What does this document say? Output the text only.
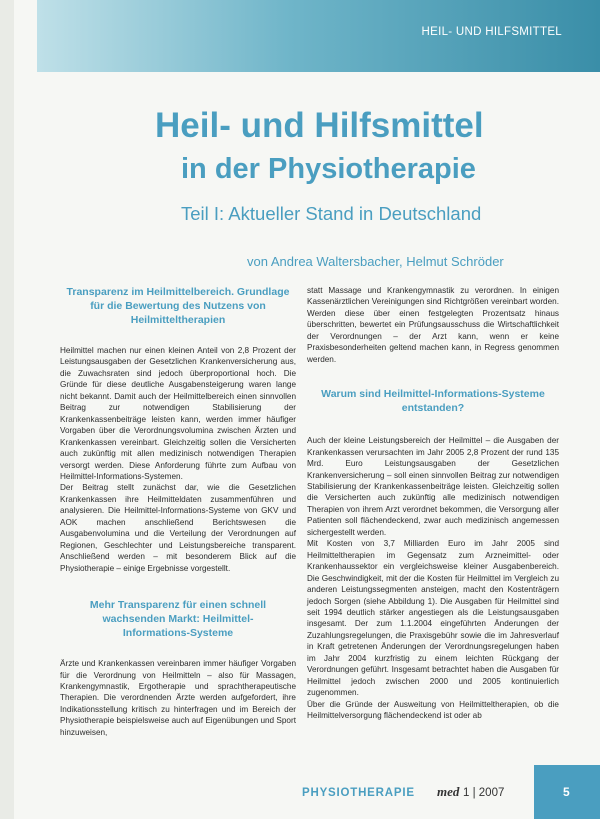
HEIL- UND HILFSMITTEL
Heil- und Hilfsmittel
in der Physiotherapie
Teil I: Aktueller Stand in Deutschland
von Andrea Waltersbacher, Helmut Schröder
Transparenz im Heilmittelbereich. Grundlage für die Bewertung des Nutzens von Heilmitteltherapien

Heilmittel machen nur einen kleinen Anteil von 2,8 Prozent der Leistungsausgaben der Gesetzlichen Krankenversicherung aus, die Zuwachsraten sind jedoch überproportional hoch. Die Gründe für diese deutliche Ausgabensteigerung waren lange nicht bekannt. Damit auch der Heilmittelbereich einen sinnvollen Beitrag zur notwendigen Stabilisierung der Krankenkassenbeiträge leisten kann, werden immer häufiger Vorgaben über die Verordnungsvolumina zwischen Ärzten und Krankenkassen vereinbart. Gleichzeitig sollen die Versicherten auch zukünftig mit allen medizinisch notwendigen Therapien versorgt werden. Diese Anforderung führte zum Aufbau von Heilmittel-Informations-Systemen.

Der Beitrag stellt zunächst dar, wie die Gesetzlichen Krankenkassen ihre Heilmitteldaten zusammenführen und analysieren. Die Heilmittel-Informations-Systeme von GKV und AOK machen anschließend Berichtswesen die Ausgabenvolumina und die Verteilung der Verordnungen auf Regionen, Geschlechter und Leistungsbereiche transparent. Anschließend werden – mit besonderem Blick auf die Physiotherapie – einige Ergebnisse vorgestellt.

Mehr Transparenz für einen schnell wachsenden Markt: Heilmittel-Informations-Systeme

Ärzte und Krankenkassen vereinbaren immer häufiger Vorgaben für die Verordnung von Heilmitteln – also für Massagen, Krankengymnastik, Ergotherapie und sprachtherapeutische Therapien. Die verordnenden Ärzte werden aufgefordert, ihre Indikationsstellung kritisch zu hinterfragen und im Bereich der Physiotherapie beispielsweise auch auf Eigenübungen und Sport hinzuweisen,

statt Massage und Krankengymnastik zu verordnen. In einigen Kassenärztlichen Vereinigungen sind Richtgrößen vereinbart worden. Werden diese über einen festgelegten Prozentsatz hinaus überschritten, bewertet ein Prüfungsausschuss die Wirtschaftlichkeit der Verordnungen – der Arzt kann, wenn er keine Praxisbesonderheiten geltend machen kann, in Regress genommen werden.

Warum sind Heilmittel-Informations-Systeme entstanden?

Auch der kleine Leistungsbereich der Heilmittel – die Ausgaben der Krankenkassen verursachten im Jahr 2005 2,8 Prozent der rund 135 Mrd. Euro Leistungsausgaben der Gesetzlichen Krankenversicherung – soll einen sinnvollen Beitrag zur notwendigen Stabilisierung der Krankenkassenbeiträge leisten. Gleichzeitig sollen die Versicherten auch zukünftig alle medizinisch notwendigen Therapien von ihrem Arzt verordnet bekommen, die Versorgung aller Patienten soll flächendeckend, zwar auch medizinisch angemessen sichergestellt werden.

Mit Kosten von 3,7 Milliarden Euro im Jahr 2005 sind Heilmitteltherapien im Gegensatz zum Arzneimittel- oder Krankenhaussektor ein vergleichsweise kleiner Ausgabenbereich. Die Geschwindigkeit, mit der die Kosten für Heilmittel im Vergleich zu anderen Leistungssegmenten ansteigen, macht den Kostenträgern jedoch Sorgen (siehe Abbildung 1). Die Ausgaben für Heilmittel sind seit 1994 deutlich stärker angestiegen als die Leistungsausgaben insgesamt. Der zum 1.1.2004 eingeführten Änderungen der Zuzahlungsregelungen, die Praxisgebühr sowie die im Jahresverlauf in Kraft getretenen Änderungen der Verordnungsregelungen haben im Jahr 2004 kurzfristig zu einem leichten Rückgang der Verordnungen geführt. Insgesamt betrachtet haben die Ausgaben für Heilmittel jedoch zwischen 2000 und 2005 kontinuierlich zugenommen.

Über die Gründe der Ausweitung von Heilmitteltherapien, ob die Heilmittelversorgung flächendeckend ist oder ab

PHYSIOTHERAPIE med 1 | 2007	5
